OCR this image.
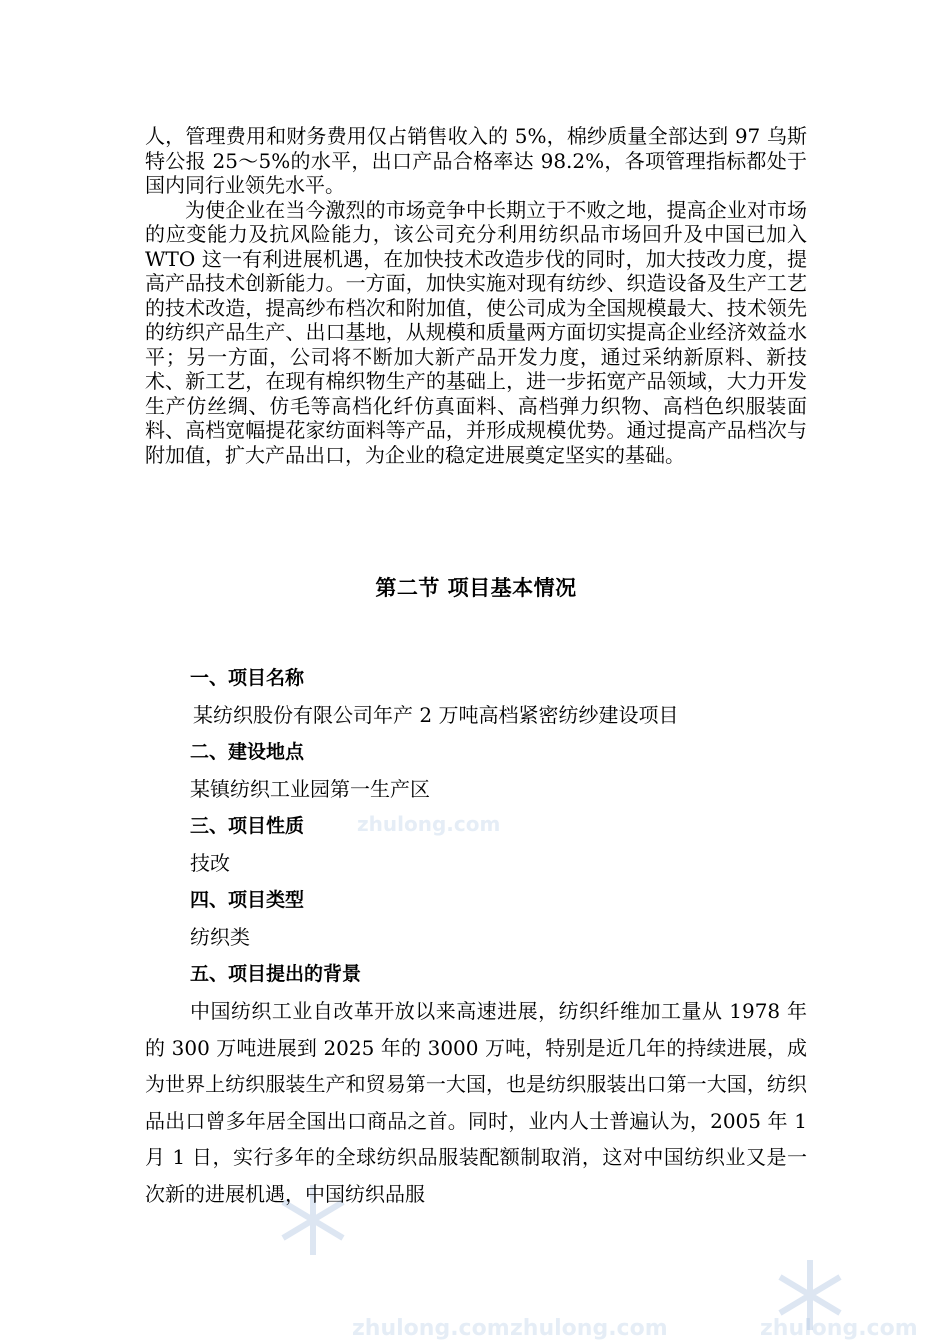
zhulong.com
zhulong.com zhulong.com	zhulong.com

人，管理费用和财务费用仅占销售收入的 5%，棉纱质量全部达到 97 乌斯特公报 25～5%的水平，出口产品合格率达 98.2%，各项管理指标都处于国内同行业领先水平。

为使企业在当今激烈的市场竞争中长期立于不败之地，提高企业对市场的应变能力及抗风险能力，该公司充分利用纺织品市场回升及中国已加入 WTO 这一有利进展机遇，在加快技术改造步伐的同时，加大技改力度，提高产品技术创新能力。一方面，加快实施对现有纺纱、织造设备及生产工艺的技术改造，提高纱布档次和附加值，使公司成为全国规模最大、技术领先的纺织产品生产、出口基地，从规模和质量两方面切实提高企业经济效益水平；另一方面，公司将不断加大新产品开发力度，通过采纳新原料、新技术、新工艺，在现有棉织物生产的基础上，进一步拓宽产品领域，大力开发生产仿丝绸、仿毛等高档化纤仿真面料、高档弹力织物、高档色织服装面料、高档宽幅提花家纺面料等产品，并形成规模优势。通过提高产品档次与附加值，扩大产品出口，为企业的稳定进展奠定坚实的基础。

第二节 项目基本情况
一、项目名称
某纺织股份有限公司年产 2 万吨高档紧密纺纱建设项目
二、建设地点
某镇纺织工业园第一生产区
三、项目性质
技改
四、项目类型
纺织类
五、项目提出的背景

中国纺织工业自改革开放以来高速进展，纺织纤维加工量从 1978 年的 300 万吨进展到 2025 年的 3000 万吨，特别是近几年的持续进展，成为世界上纺织服装生产和贸易第一大国，也是纺织服装出口第一大国，纺织品出口曾多年居全国出口商品之首。同时，业内人士普遍认为，2005 年 1 月 1 日，实行多年的全球纺织品服装配额制取消，这对中国纺织业又是一次新的进展机遇，中国纺织品服
